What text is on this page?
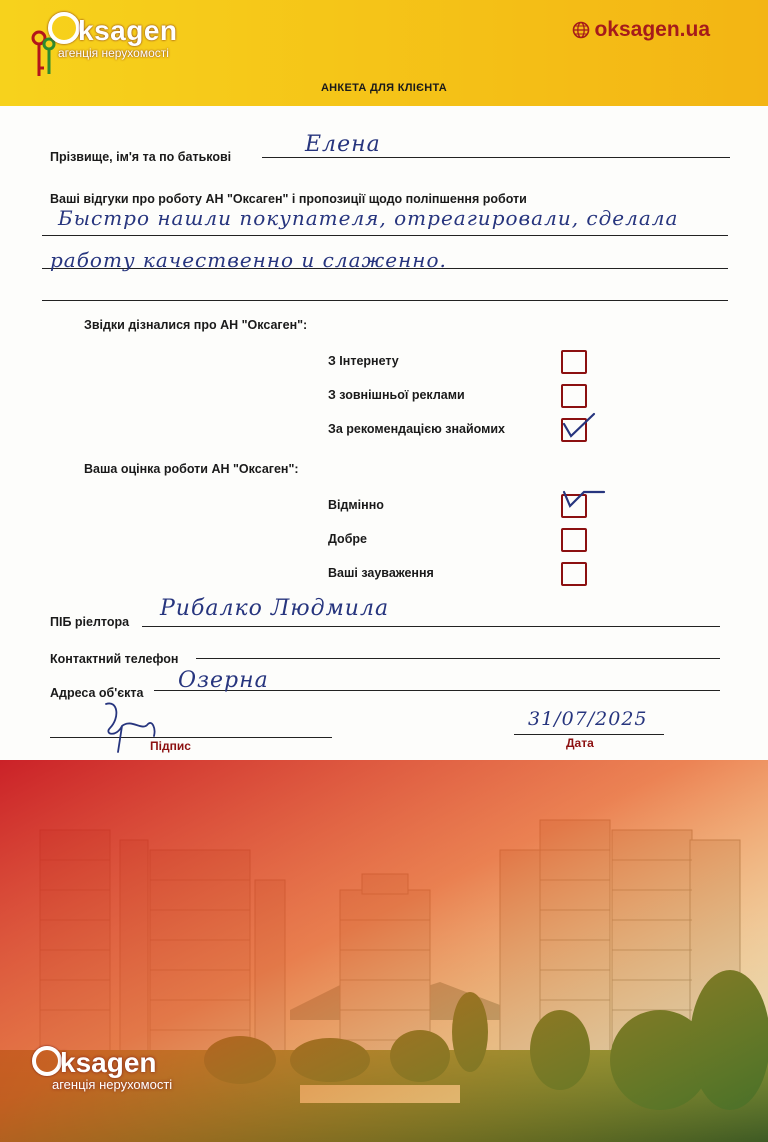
ksagen
агенція нерухомості
oksagen.ua
АНКЕТА ДЛЯ КЛІЄНТА
Прізвище, ім'я та по батькові	Елена
Ваші відгуки про роботу АН "Оксаген" і пропозиції щодо поліпшення роботи
Быстро нашли покупателя, отреагировали, сделала
работу качественно и слаженно.
Звідки дізналися про АН "Оксаген":
З Інтернету
З зовнішньої реклами
За рекомендацією знайомих
Ваша оцінка роботи АН "Оксаген":
Відмінно
Добре
Ваші зауваження
ПІБ ріелтора
Рибалко Людмила
Контактний телефон
Адреса об'єкта Озерна
Підпис
31/07/2025
Дата
ksagen
агенція нерухомості
